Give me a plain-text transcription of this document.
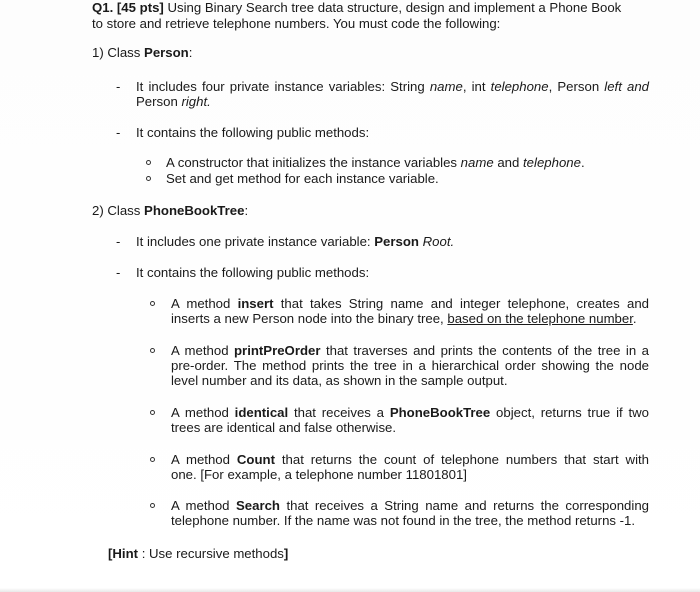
Q1. [45 pts] Using Binary Search tree data structure, design and implement a Phone Book
to store and retrieve telephone numbers. You must code the following:
1) Class Person:
- It includes four private instance variables: String name, int telephone, Person left and
Person right.
- It contains the following public methods:
A constructor that initializes the instance variables name and telephone.
Set and get method for each instance variable.
2) Class PhoneBookTree:
- It includes one private instance variable: Person Root.
- It contains the following public methods:
A method insert that takes String name and integer telephone, creates and
inserts a new Person node into the binary tree, based on the telephone number.
A method printPreOrder that traverses and prints the contents of the tree in a
pre-order. The method prints the tree in a hierarchical order showing the node
level number and its data, as shown in the sample output.
A method identical that receives a PhoneBookTree object, returns true if two
trees are identical and false otherwise.
A method Count that returns the count of telephone numbers that start with
one. [For example, a telephone number 11801801]
A method Search that receives a String name and returns the corresponding
telephone number. If the name was not found in the tree, the method returns -1.
[Hint : Use recursive methods]
